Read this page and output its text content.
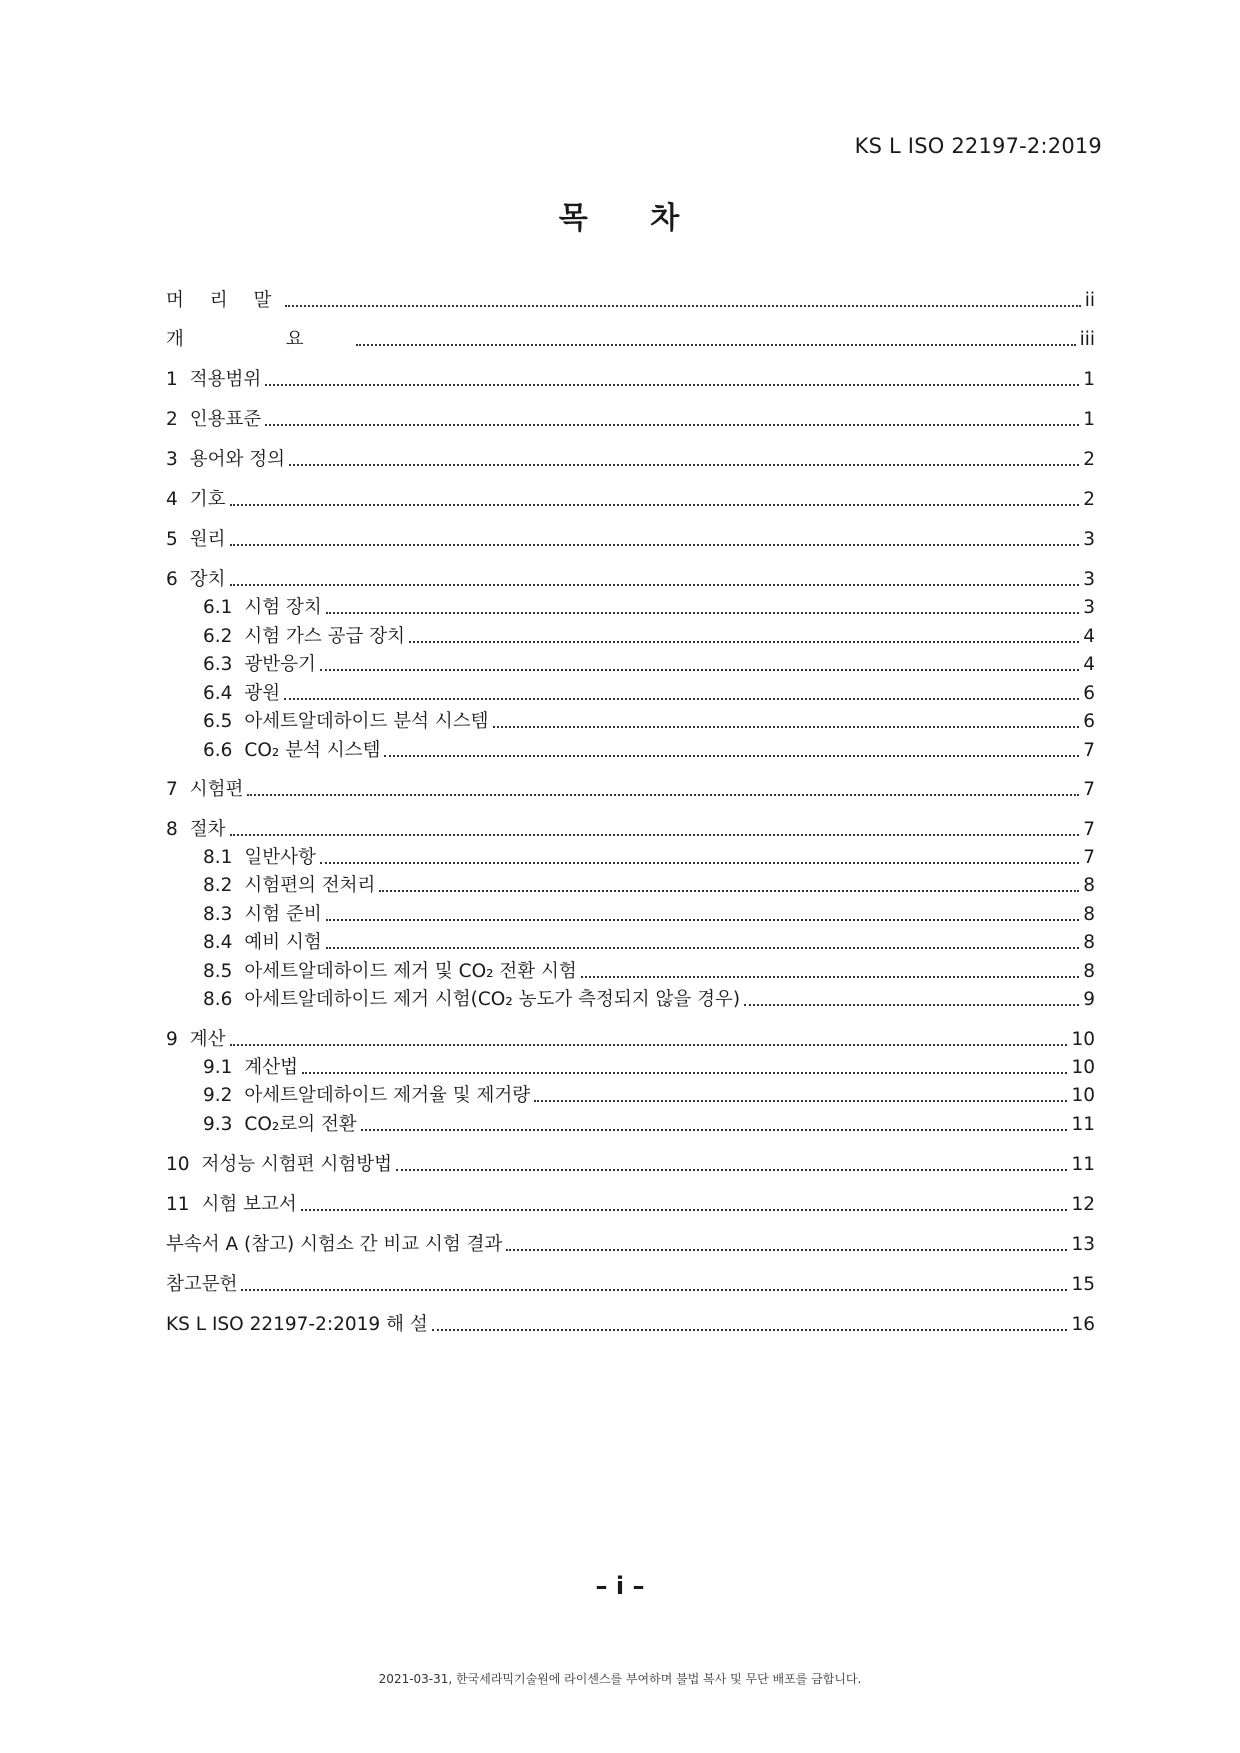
KS L ISO 22197-2:2019
목 차
머 리 말	ii
개 요	iii
1 적용범위	1
2 인용표준	1
3 용어와 정의	2
4 기호	2
5 원리	3
6 장치	3
6.1 시험 장치	3
6.2 시험 가스 공급 장치	4
6.3 광반응기	4
6.4 광원	6
6.5 아세트알데하이드 분석 시스템	6
6.6 CO₂ 분석 시스템	7
7 시험편	7
8 절차	7
8.1 일반사항	7
8.2 시험편의 전처리	8
8.3 시험 준비	8
8.4 예비 시험	8
8.5 아세트알데하이드 제거 및 CO₂ 전환 시험	8
8.6 아세트알데하이드 제거 시험(CO₂ 농도가 측정되지 않을 경우)	9
9 계산	10
9.1 계산법	10
9.2 아세트알데하이드 제거율 및 제거량	10
9.3 CO₂로의 전환	11
10 저성능 시험편 시험방법	11
11 시험 보고서	12
부속서 A (참고) 시험소 간 비교 시험 결과	13
참고문헌	15
KS L ISO 22197-2:2019 해 설	16
– i –
2021-03-31, 한국세라믹기술원에 라이센스를 부여하며 불법 복사 및 무단 배포를 금합니다.
